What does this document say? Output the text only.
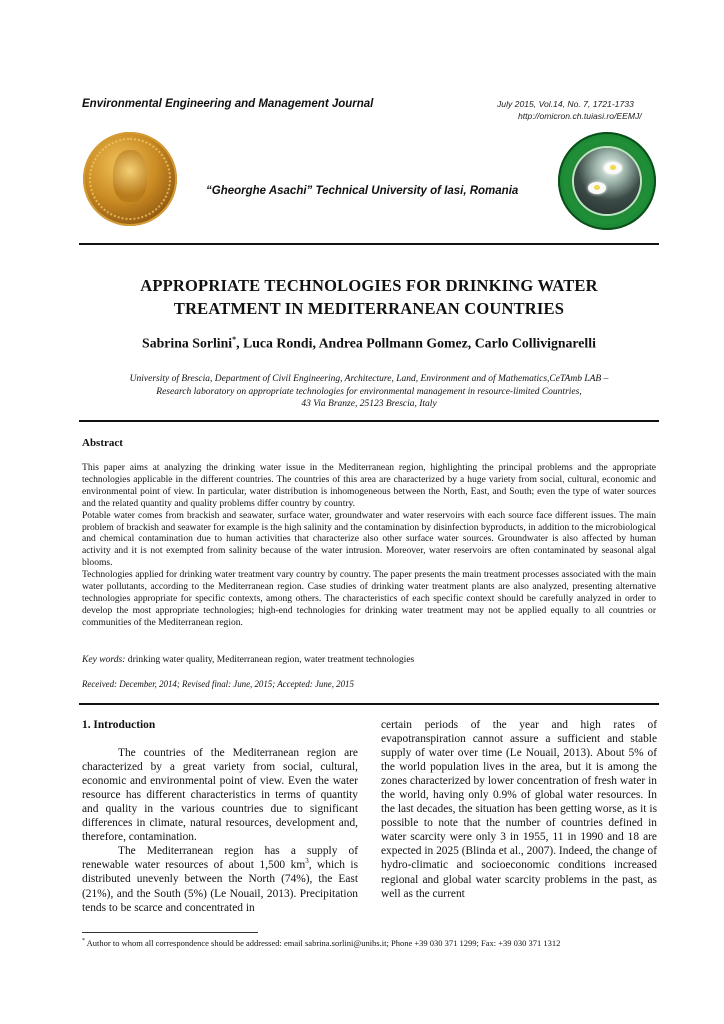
Environmental Engineering and Management Journal	July 2015, Vol.14, No. 7, 1721-1733
http://omicron.ch.tuiasi.ro/EEMJ/
“Gheorghe Asachi” Technical University of Iasi, Romania
APPROPRIATE TECHNOLOGIES FOR DRINKING WATER
TREATMENT IN MEDITERRANEAN COUNTRIES
Sabrina Sorlini*, Luca Rondi, Andrea Pollmann Gomez, Carlo Collivignarelli
University of Brescia, Department of Civil Engineering, Architecture, Land, Environment and of Mathematics,CeTAmb LAB –
Research laboratory on appropriate technologies for environmental management in resource-limited Countries,
43 Via Branze, 25123 Brescia, Italy
Abstract

This paper aims at analyzing the drinking water issue in the Mediterranean region, highlighting the principal problems and the appropriate technologies applicable in the different countries. The countries of this area are characterized by a huge variety from social, cultural, economic and environmental point of view. In particular, water distribution is inhomogeneous between the North, East, and South; even the type of water sources and the related quantity and quality problems differ country by country.

Potable water comes from brackish and seawater, surface water, groundwater and water reservoirs with each source face different issues. The main problem of brackish and seawater for example is the high salinity and the contamination by disinfection byproducts, in addition to the microbiological and chemical contamination due to human activities that characterize also other surface water sources. Groundwater is also affected by human activity and it is not exempted from salinity because of the water intrusion. Moreover, water reservoirs are often contaminated by seasonal algal blooms.

Technologies applied for drinking water treatment vary country by country. The paper presents the main treatment processes associated with the main water pollutants, according to the Mediterranean region. Case studies of drinking water treatment plants are also analyzed, presenting alternative technologies appropriate for specific contexts, among others. The characteristics of each specific context should be carefully analyzed in order to develop the most appropriate technologies; high-end technologies for drinking water treatment may not be applied equally to all countries or communities of the Mediterranean region.

Key words: drinking water quality, Mediterranean region, water treatment technologies
Received: December, 2014; Revised final: June, 2015; Accepted: June, 2015

1. Introduction

The countries of the Mediterranean region are characterized by a great variety from social, cultural, economic and environmental point of view. Even the water resource has different characteristics in terms of quantity and quality in the various countries due to significant differences in climate, natural resources, development and, therefore, contamination.

The Mediterranean region has a supply of renewable water resources of about 1,500 $km^3$, which is distributed unevenly between the North (74%), the East (21%), and the South (5%) (Le Nouail, 2013). Precipitation tends to be scarce and concentrated in

certain periods of the year and high rates of evapotranspiration cannot assure a sufficient and stable supply of water over time (Le Nouail, 2013). About 5% of the world population lives in the area, but it is among the zones characterized by lower concentration of fresh water in the world, having only 0.9% of global water resources. In the last decades, the situation has been getting worse, as it is possible to note that the number of countries defined in water scarcity were only 3 in 1955, 11 in 1990 and 18 are expected in 2025 (Blinda et al., 2007). Indeed, the change of hydro-climatic and socioeconomic conditions increased regional and global water scarcity problems in the past, as well as the current

* Author to whom all correspondence should be addressed: email sabrina.sorlini@unibs.it; Phone +39 030 371 1299; Fax: +39 030 371 1312
